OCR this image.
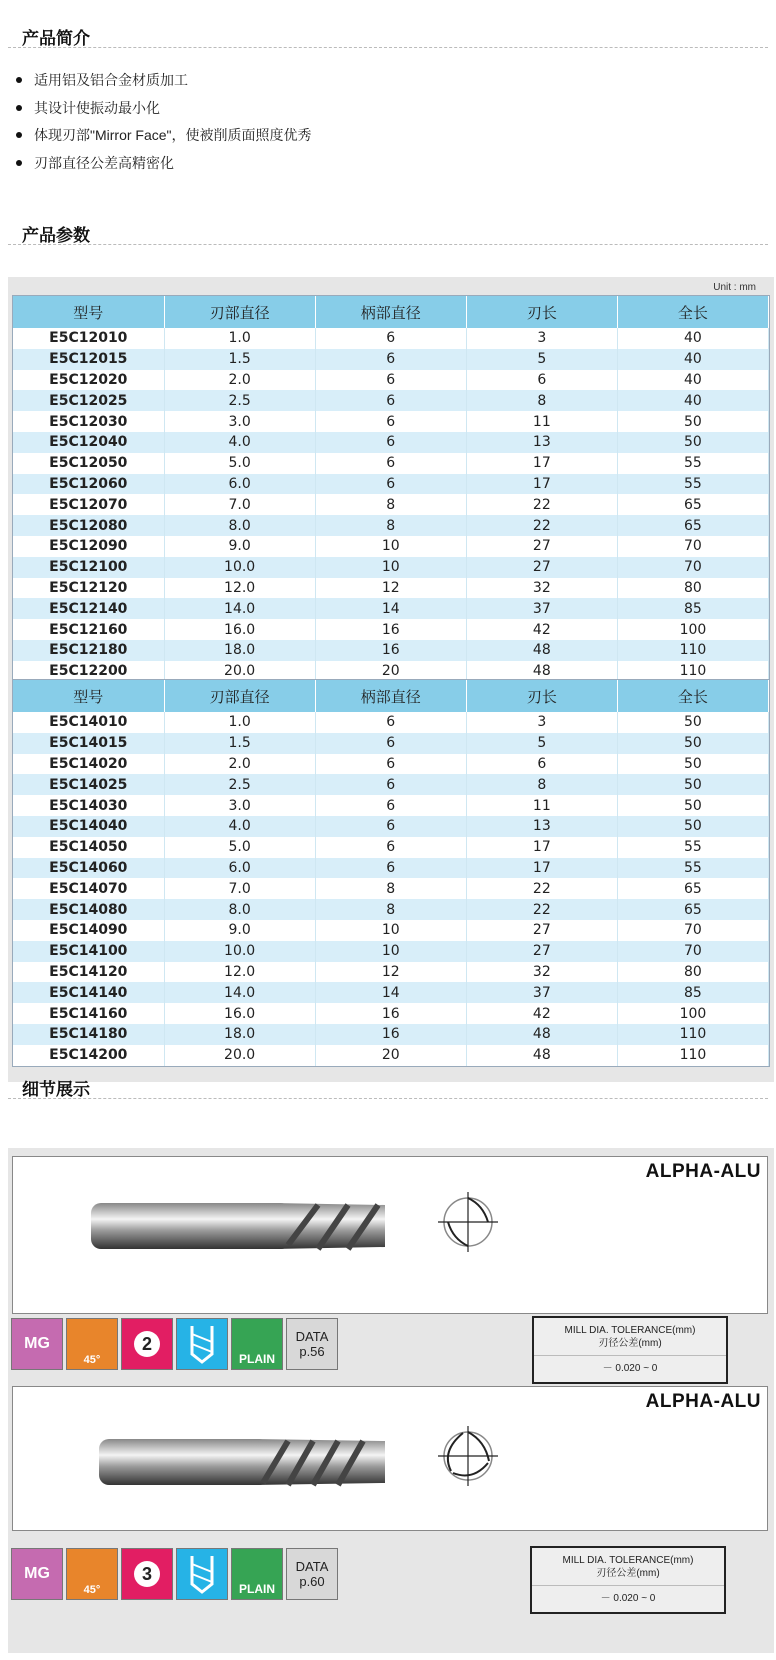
产品简介
适用铝及铝合金材质加工
其设计使振动最小化
体现刃部"Mirror Face"，使被削质面照度优秀
刃部直径公差高精密化
产品参数
Unit : mm
型号	刃部直径	柄部直径	刃长	全长
E5C12010	1.0	6	3	40
E5C12015	1.5	6	5	40
E5C12020	2.0	6	6	40
E5C12025	2.5	6	8	40
E5C12030	3.0	6	11	50
E5C12040	4.0	6	13	50
E5C12050	5.0	6	17	55
E5C12060	6.0	6	17	55
E5C12070	7.0	8	22	65
E5C12080	8.0	8	22	65
E5C12090	9.0	10	27	70
E5C12100	10.0	10	27	70
E5C12120	12.0	12	32	80
E5C12140	14.0	14	37	85
E5C12160	16.0	16	42	100
E5C12180	18.0	16	48	110
E5C12200	20.0	20	48	110
型号	刃部直径	柄部直径	刃长	全长
E5C14010	1.0	6	3	50
E5C14015	1.5	6	5	50
E5C14020	2.0	6	6	50
E5C14025	2.5	6	8	50
E5C14030	3.0	6	11	50
E5C14040	4.0	6	13	50
E5C14050	5.0	6	17	55
E5C14060	6.0	6	17	55
E5C14070	7.0	8	22	65
E5C14080	8.0	8	22	65
E5C14090	9.0	10	27	70
E5C14100	10.0	10	27	70
E5C14120	12.0	12	32	80
E5C14140	14.0	14	37	85
E5C14160	16.0	16	42	100
E5C14180	18.0	16	48	110
E5C14200	20.0	20	48	110
细节展示
ALPHA-ALU
MG
45°
2
PLAIN
DATA
p.56
MILL DIA. TOLERANCE(mm)
刃径公差(mm)
－ 0.020 ~ 0
ALPHA-ALU
MG
45°
3
PLAIN
DATA
p.60
MILL DIA. TOLERANCE(mm)
刃径公差(mm)
－ 0.020 ~ 0
